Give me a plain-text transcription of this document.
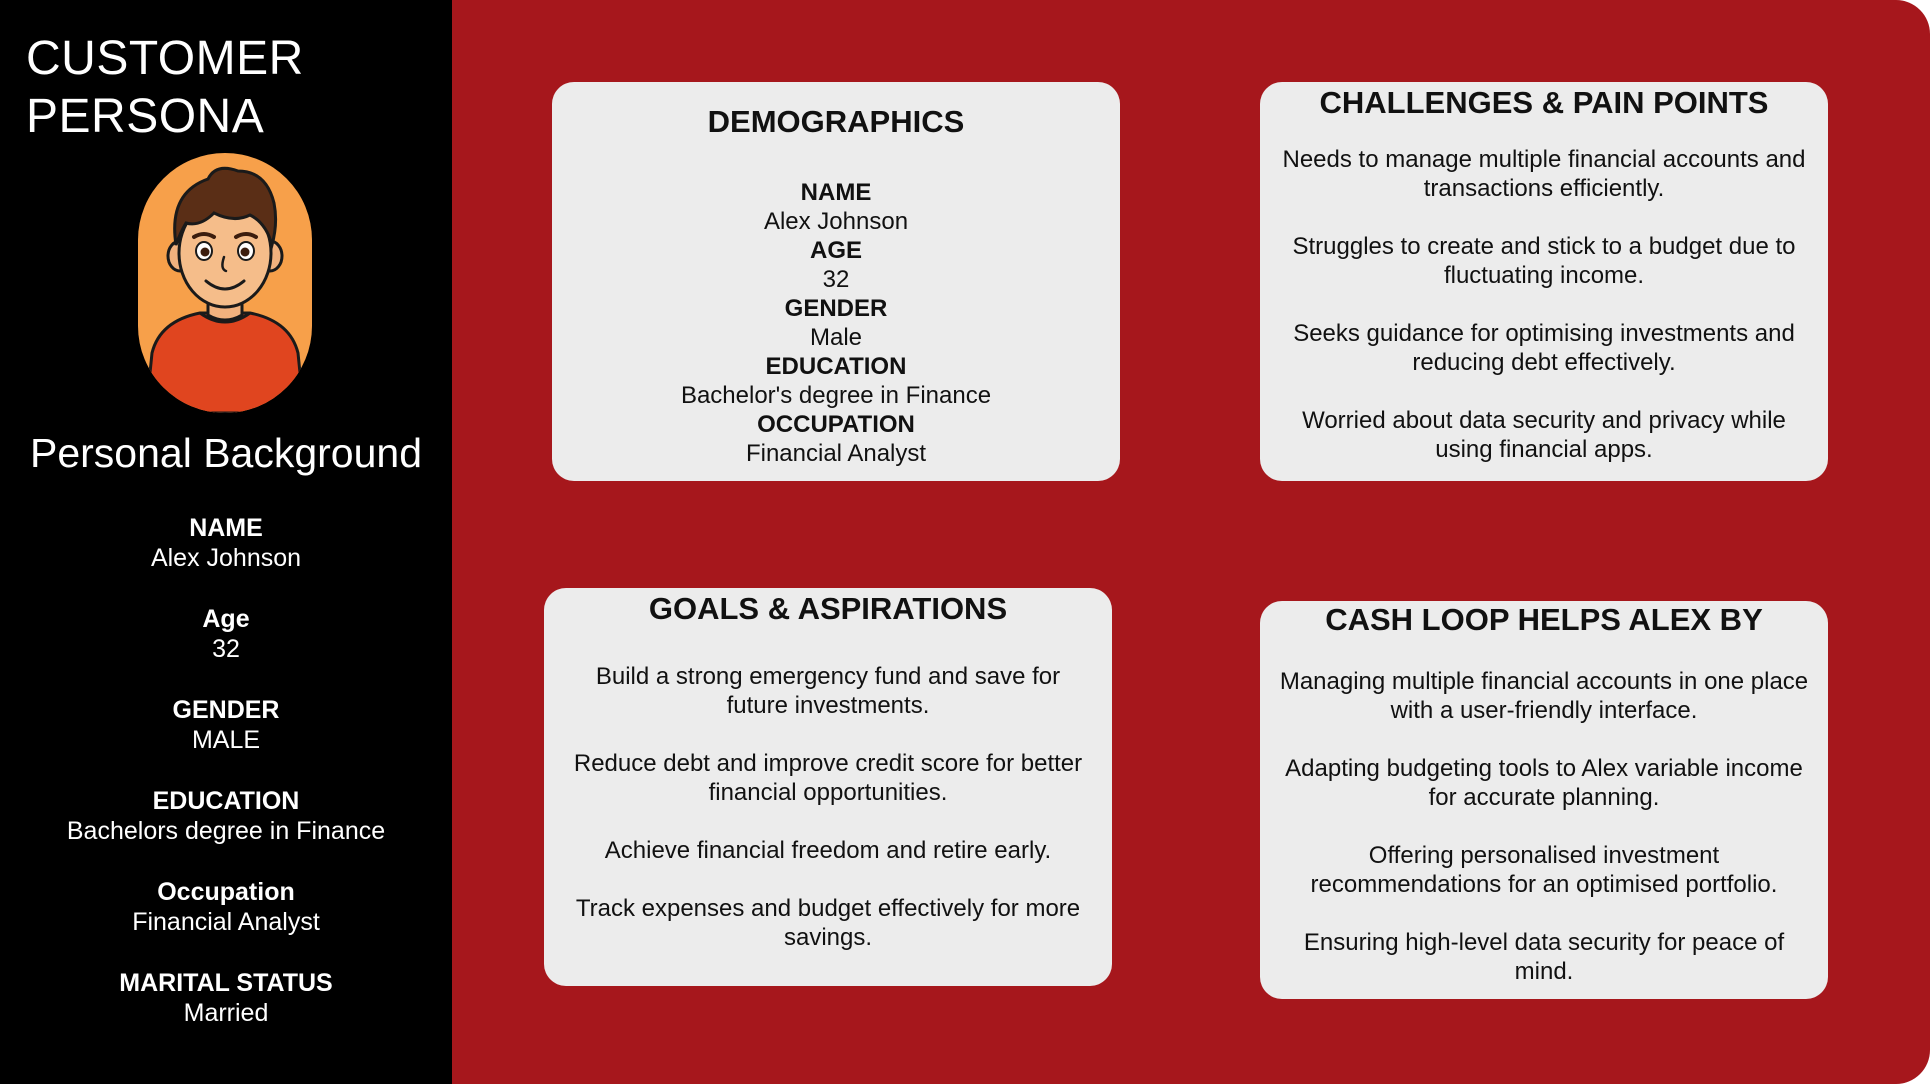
CUSTOMER
PERSONA
Personal Background
NAME
Alex Johnson
Age
32
GENDER
MALE
EDUCATION
Bachelors degree in Finance
Occupation
Financial Analyst
MARITAL STATUS
Married
DEMOGRAPHICS
NAME
Alex Johnson
AGE
32
GENDER
Male
EDUCATION
Bachelor's degree in Finance
OCCUPATION
Financial Analyst
CHALLENGES & PAIN POINTS
Needs to manage multiple financial accounts and
transactions efficiently.
Struggles to create and stick to a budget due to
fluctuating income.
Seeks guidance for optimising investments and
reducing debt effectively.
Worried about data security and privacy while
using financial apps.
GOALS & ASPIRATIONS
Build a strong emergency fund and save for
future investments.
Reduce debt and improve credit score for better
financial opportunities.
Achieve financial freedom and retire early.
Track expenses and budget effectively for more
savings.
CASH LOOP HELPS ALEX BY
Managing multiple financial accounts in one place
with a user-friendly interface.
Adapting budgeting tools to Alex variable income
for accurate planning.
Offering personalised investment
recommendations for an optimised portfolio.
Ensuring high-level data security for peace of
mind.
